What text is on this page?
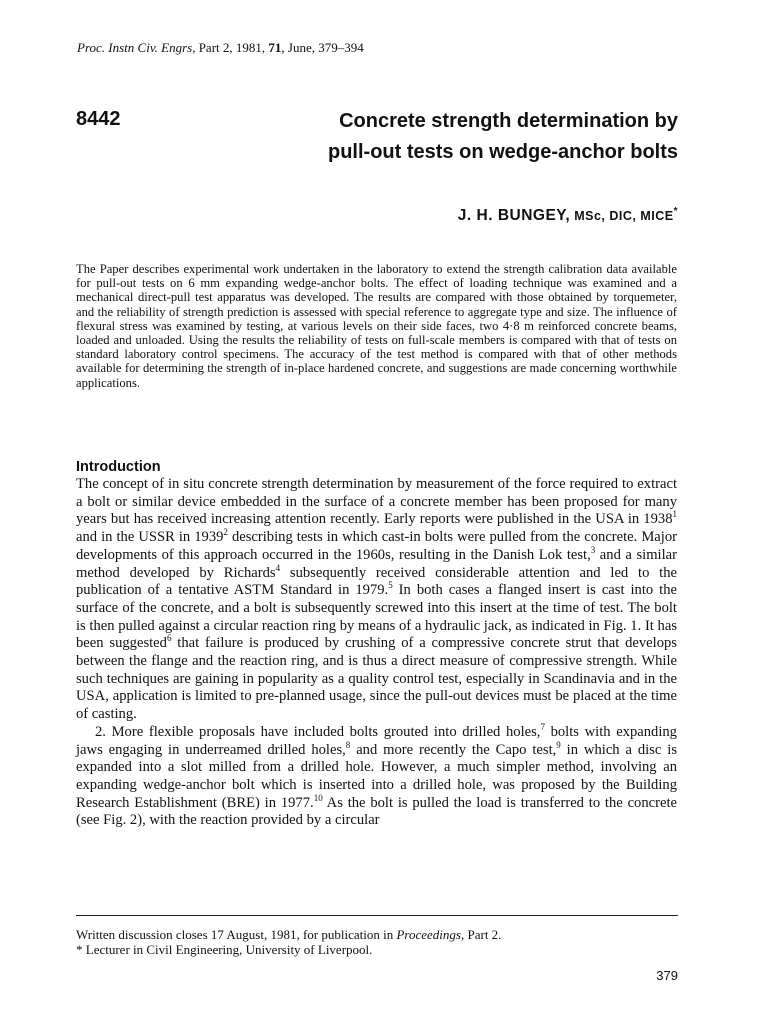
Proc. Instn Civ. Engrs, Part 2, 1981, 71, June, 379–394
8442	Concrete strength determination by
pull-out tests on wedge-anchor bolts
J. H. BUNGEY, MSc, DIC, MICE*
The Paper describes experimental work undertaken in the laboratory to extend the strength calibration data available for pull-out tests on 6 mm expanding wedge-anchor bolts. The effect of loading technique was examined and a mechanical direct-pull test apparatus was developed. The results are compared with those obtained by torquemeter, and the reliability of strength prediction is assessed with special reference to aggregate type and size. The influence of flexural stress was examined by testing, at various levels on their side faces, two 4·8 m reinforced concrete beams, loaded and unloaded. Using the results the reliability of tests on full-scale members is compared with that of tests on standard laboratory control specimens. The accuracy of the test method is compared with that of other methods available for determining the strength of in-place hardened concrete, and suggestions are made concerning worthwhile applications.
Introduction

The concept of in situ concrete strength determination by measurement of the force required to extract a bolt or similar device embedded in the surface of a concrete member has been proposed for many years but has received increasing attention recently. Early reports were published in the USA in 1938$^1$ and in the USSR in 1939$^2$ describing tests in which cast-in bolts were pulled from the concrete. Major developments of this approach occurred in the 1960s, resulting in the Danish Lok test,$^3$ and a similar method developed by Richards$^4$ subsequently received considerable attention and led to the publication of a tentative ASTM Standard in 1979.$^5$ In both cases a flanged insert is cast into the surface of the concrete, and a bolt is subsequently screwed into this insert at the time of test. The bolt is then pulled against a circular reaction ring by means of a hydraulic jack, as indicated in Fig. 1. It has been suggested$^6$ that failure is produced by crushing of a compressive concrete strut that develops between the flange and the reaction ring, and is thus a direct measure of compressive strength. While such techniques are gaining in popularity as a quality control test, especially in Scandinavia and in the USA, application is limited to pre-planned usage, since the pull-out devices must be placed at the time of casting.

2. More flexible proposals have included bolts grouted into drilled holes,$^7$ bolts with expanding jaws engaging in underreamed drilled holes,$^8$ and more recently the Capo test,$^9$ in which a disc is expanded into a slot milled from a drilled hole. However, a much simpler method, involving an expanding wedge-anchor bolt which is inserted into a drilled hole, was proposed by the Building Research Establishment (BRE) in 1977.10 As the bolt is pulled the load is transferred to the concrete (see Fig. 2), with the reaction provided by a circular

Written discussion closes 17 August, 1981, for publication in Proceedings, Part 2.
* Lecturer in Civil Engineering, University of Liverpool.
379
